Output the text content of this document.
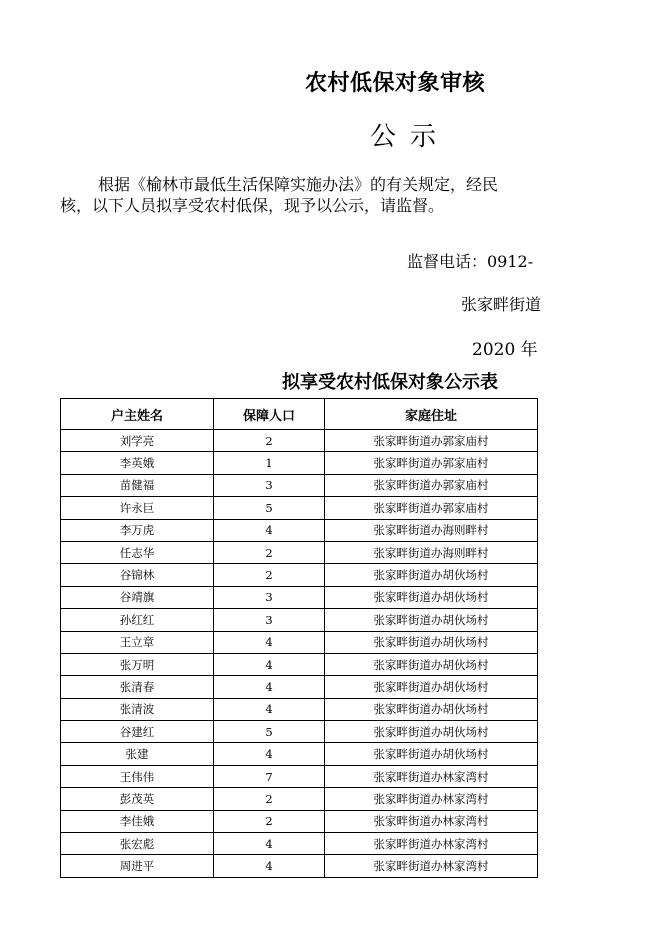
农村低保对象审核
公示
根据《榆林市最低生活保障实施办法》的有关规定，经民
核，以下人员拟享受农村低保，现予以公示，请监督。
监督电话：0912-
张家畔街道
2020 年
拟享受农村低保对象公示表
户主姓名	保障人口	家庭住址
刘学亮	2	张家畔街道办郭家庙村
李英娥	1	张家畔街道办郭家庙村
苗健福	3	张家畔街道办郭家庙村
许永巨	5	张家畔街道办郭家庙村
李万虎	4	张家畔街道办海则畔村
任志华	2	张家畔街道办海则畔村
谷锦林	2	张家畔街道办胡伙场村
谷靖旗	3	张家畔街道办胡伙场村
孙红红	3	张家畔街道办胡伙场村
王立章	4	张家畔街道办胡伙场村
张万明	4	张家畔街道办胡伙场村
张清春	4	张家畔街道办胡伙场村
张清波	4	张家畔街道办胡伙场村
谷建红	5	张家畔街道办胡伙场村
张建	4	张家畔街道办胡伙场村
王伟伟	7	张家畔街道办林家湾村
彭茂英	2	张家畔街道办林家湾村
李佳娥	2	张家畔街道办林家湾村
张宏彪	4	张家畔街道办林家湾村
周进平	4	张家畔街道办林家湾村
